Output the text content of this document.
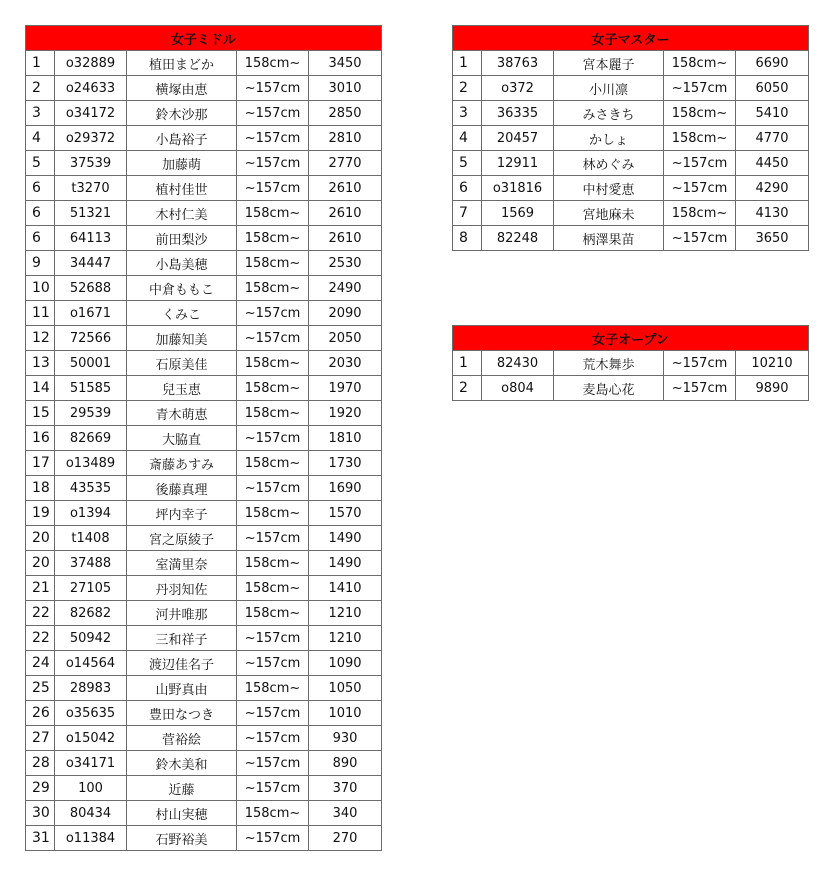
女子ミドル				
1	o32889	植田まどか	158cm~	3450
2	o24633	横塚由恵	~157cm	3010
3	o34172	鈴木沙那	~157cm	2850
4	o29372	小島裕子	~157cm	2810
5	37539	加藤萌	~157cm	2770
6	t3270	植村佳世	~157cm	2610
6	51321	木村仁美	158cm~	2610
6	64113	前田梨沙	158cm~	2610
9	34447	小島美穂	158cm~	2530
10	52688	中倉ももこ	158cm~	2490
11	o1671	くみこ	~157cm	2090
12	72566	加藤知美	~157cm	2050
13	50001	石原美佳	158cm~	2030
14	51585	兒玉恵	158cm~	1970
15	29539	青木萌恵	158cm~	1920
16	82669	大脇直	~157cm	1810
17	o13489	斎藤あすみ	158cm~	1730
18	43535	後藤真理	~157cm	1690
19	o1394	坪内幸子	158cm~	1570
20	t1408	宮之原綾子	~157cm	1490
20	37488	室満里奈	158cm~	1490
21	27105	丹羽知佐	158cm~	1410
22	82682	河井唯那	158cm~	1210
22	50942	三和祥子	~157cm	1210
24	o14564	渡辺佳名子	~157cm	1090
25	28983	山野真由	158cm~	1050
26	o35635	豊田なつき	~157cm	1010
27	o15042	菅裕絵	~157cm	930
28	o34171	鈴木美和	~157cm	890
29	100	近藤	~157cm	370
30	80434	村山実穂	158cm~	340
31	o11384	石野裕美	~157cm	270
女子マスター				
1	38763	宮本麗子	158cm~	6690
2	o372	小川凛	~157cm	6050
3	36335	みさきち	158cm~	5410
4	20457	かしょ	158cm~	4770
5	12911	林めぐみ	~157cm	4450
6	o31816	中村愛恵	~157cm	4290
7	1569	宮地麻未	158cm~	4130
8	82248	柄澤果苗	~157cm	3650
女子オープン				
1	82430	荒木舞歩	~157cm	10210
2	o804	麦島心花	~157cm	9890
